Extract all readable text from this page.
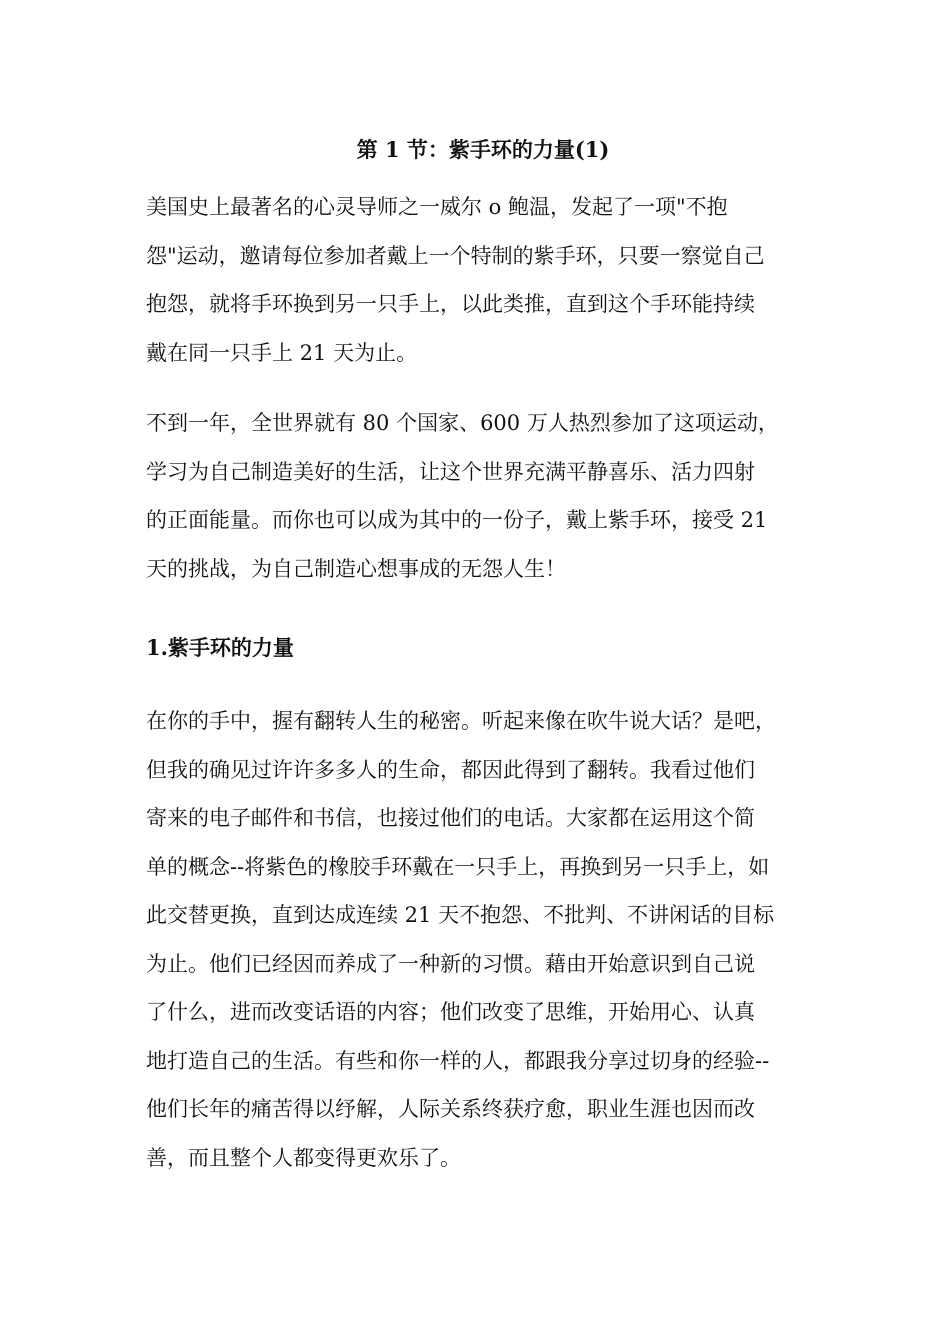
第 1 节：紫手环的力量(1)
美国史上最著名的心灵导师之一威尔 o 鲍温，发起了一项"不抱
怨"运动，邀请每位参加者戴上一个特制的紫手环，只要一察觉自己
抱怨，就将手环换到另一只手上，以此类推，直到这个手环能持续
戴在同一只手上 21 天为止。
不到一年，全世界就有 80 个国家、600 万人热烈参加了这项运动，
学习为自己制造美好的生活，让这个世界充满平静喜乐、活力四射
的正面能量。而你也可以成为其中的一份子，戴上紫手环，接受 21
天的挑战，为自己制造心想事成的无怨人生！
1.紫手环的力量
在你的手中，握有翻转人生的秘密。听起来像在吹牛说大话？是吧，
但我的确见过许许多多人的生命，都因此得到了翻转。我看过他们
寄来的电子邮件和书信，也接过他们的电话。大家都在运用这个简
单的概念--将紫色的橡胶手环戴在一只手上，再换到另一只手上，如
此交替更换，直到达成连续 21 天不抱怨、不批判、不讲闲话的目标
为止。他们已经因而养成了一种新的习惯。藉由开始意识到自己说
了什么，进而改变话语的内容；他们改变了思维，开始用心、认真
地打造自己的生活。有些和你一样的人，都跟我分享过切身的经验--
他们长年的痛苦得以纾解，人际关系终获疗愈，职业生涯也因而改
善，而且整个人都变得更欢乐了。
